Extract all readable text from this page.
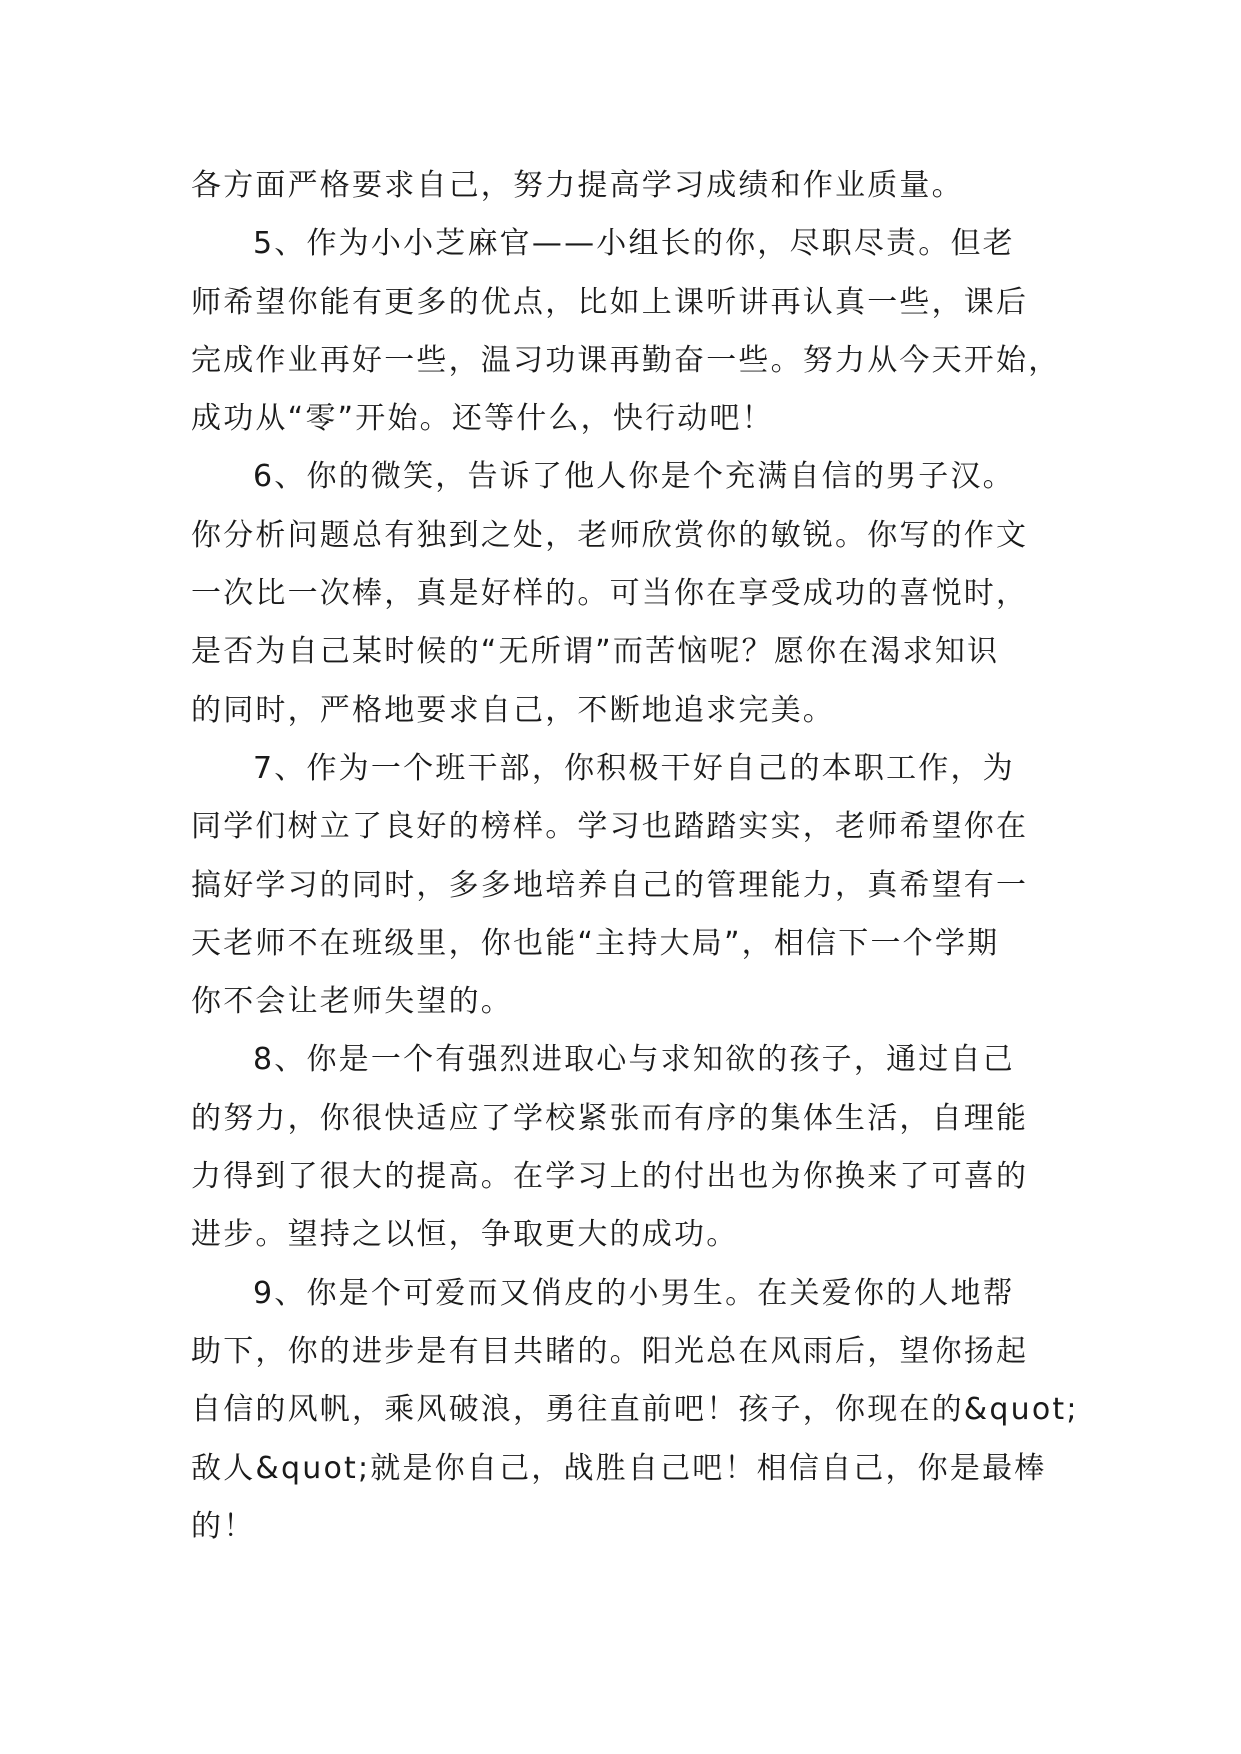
各方面严格要求自己，努力提高学习成绩和作业质量。
5、作为小小芝麻官——小组长的你，尽职尽责。但老
师希望你能有更多的优点，比如上课听讲再认真一些，课后
完成作业再好一些，温习功课再勤奋一些。努力从今天开始，
成功从“零”开始。还等什么，快行动吧！
6、你的微笑，告诉了他人你是个充满自信的男子汉。
你分析问题总有独到之处，老师欣赏你的敏锐。你写的作文
一次比一次棒，真是好样的。可当你在享受成功的喜悦时，
是否为自己某时候的“无所谓”而苦恼呢？愿你在渴求知识
的同时，严格地要求自己，不断地追求完美。
7、作为一个班干部，你积极干好自己的本职工作，为
同学们树立了良好的榜样。学习也踏踏实实，老师希望你在
搞好学习的同时，多多地培养自己的管理能力，真希望有一
天老师不在班级里，你也能“主持大局”，相信下一个学期
你不会让老师失望的。
8、你是一个有强烈进取心与求知欲的孩子，通过自己
的努力，你很快适应了学校紧张而有序的集体生活，自理能
力得到了很大的提高。在学习上的付出也为你换来了可喜的
进步。望持之以恒，争取更大的成功。
9、你是个可爱而又俏皮的小男生。在关爱你的人地帮
助下，你的进步是有目共睹的。阳光总在风雨后，望你扬起
自信的风帆，乘风破浪，勇往直前吧！孩子，你现在的&quot;
敌人&quot;就是你自己，战胜自己吧！相信自己，你是最棒
的！
